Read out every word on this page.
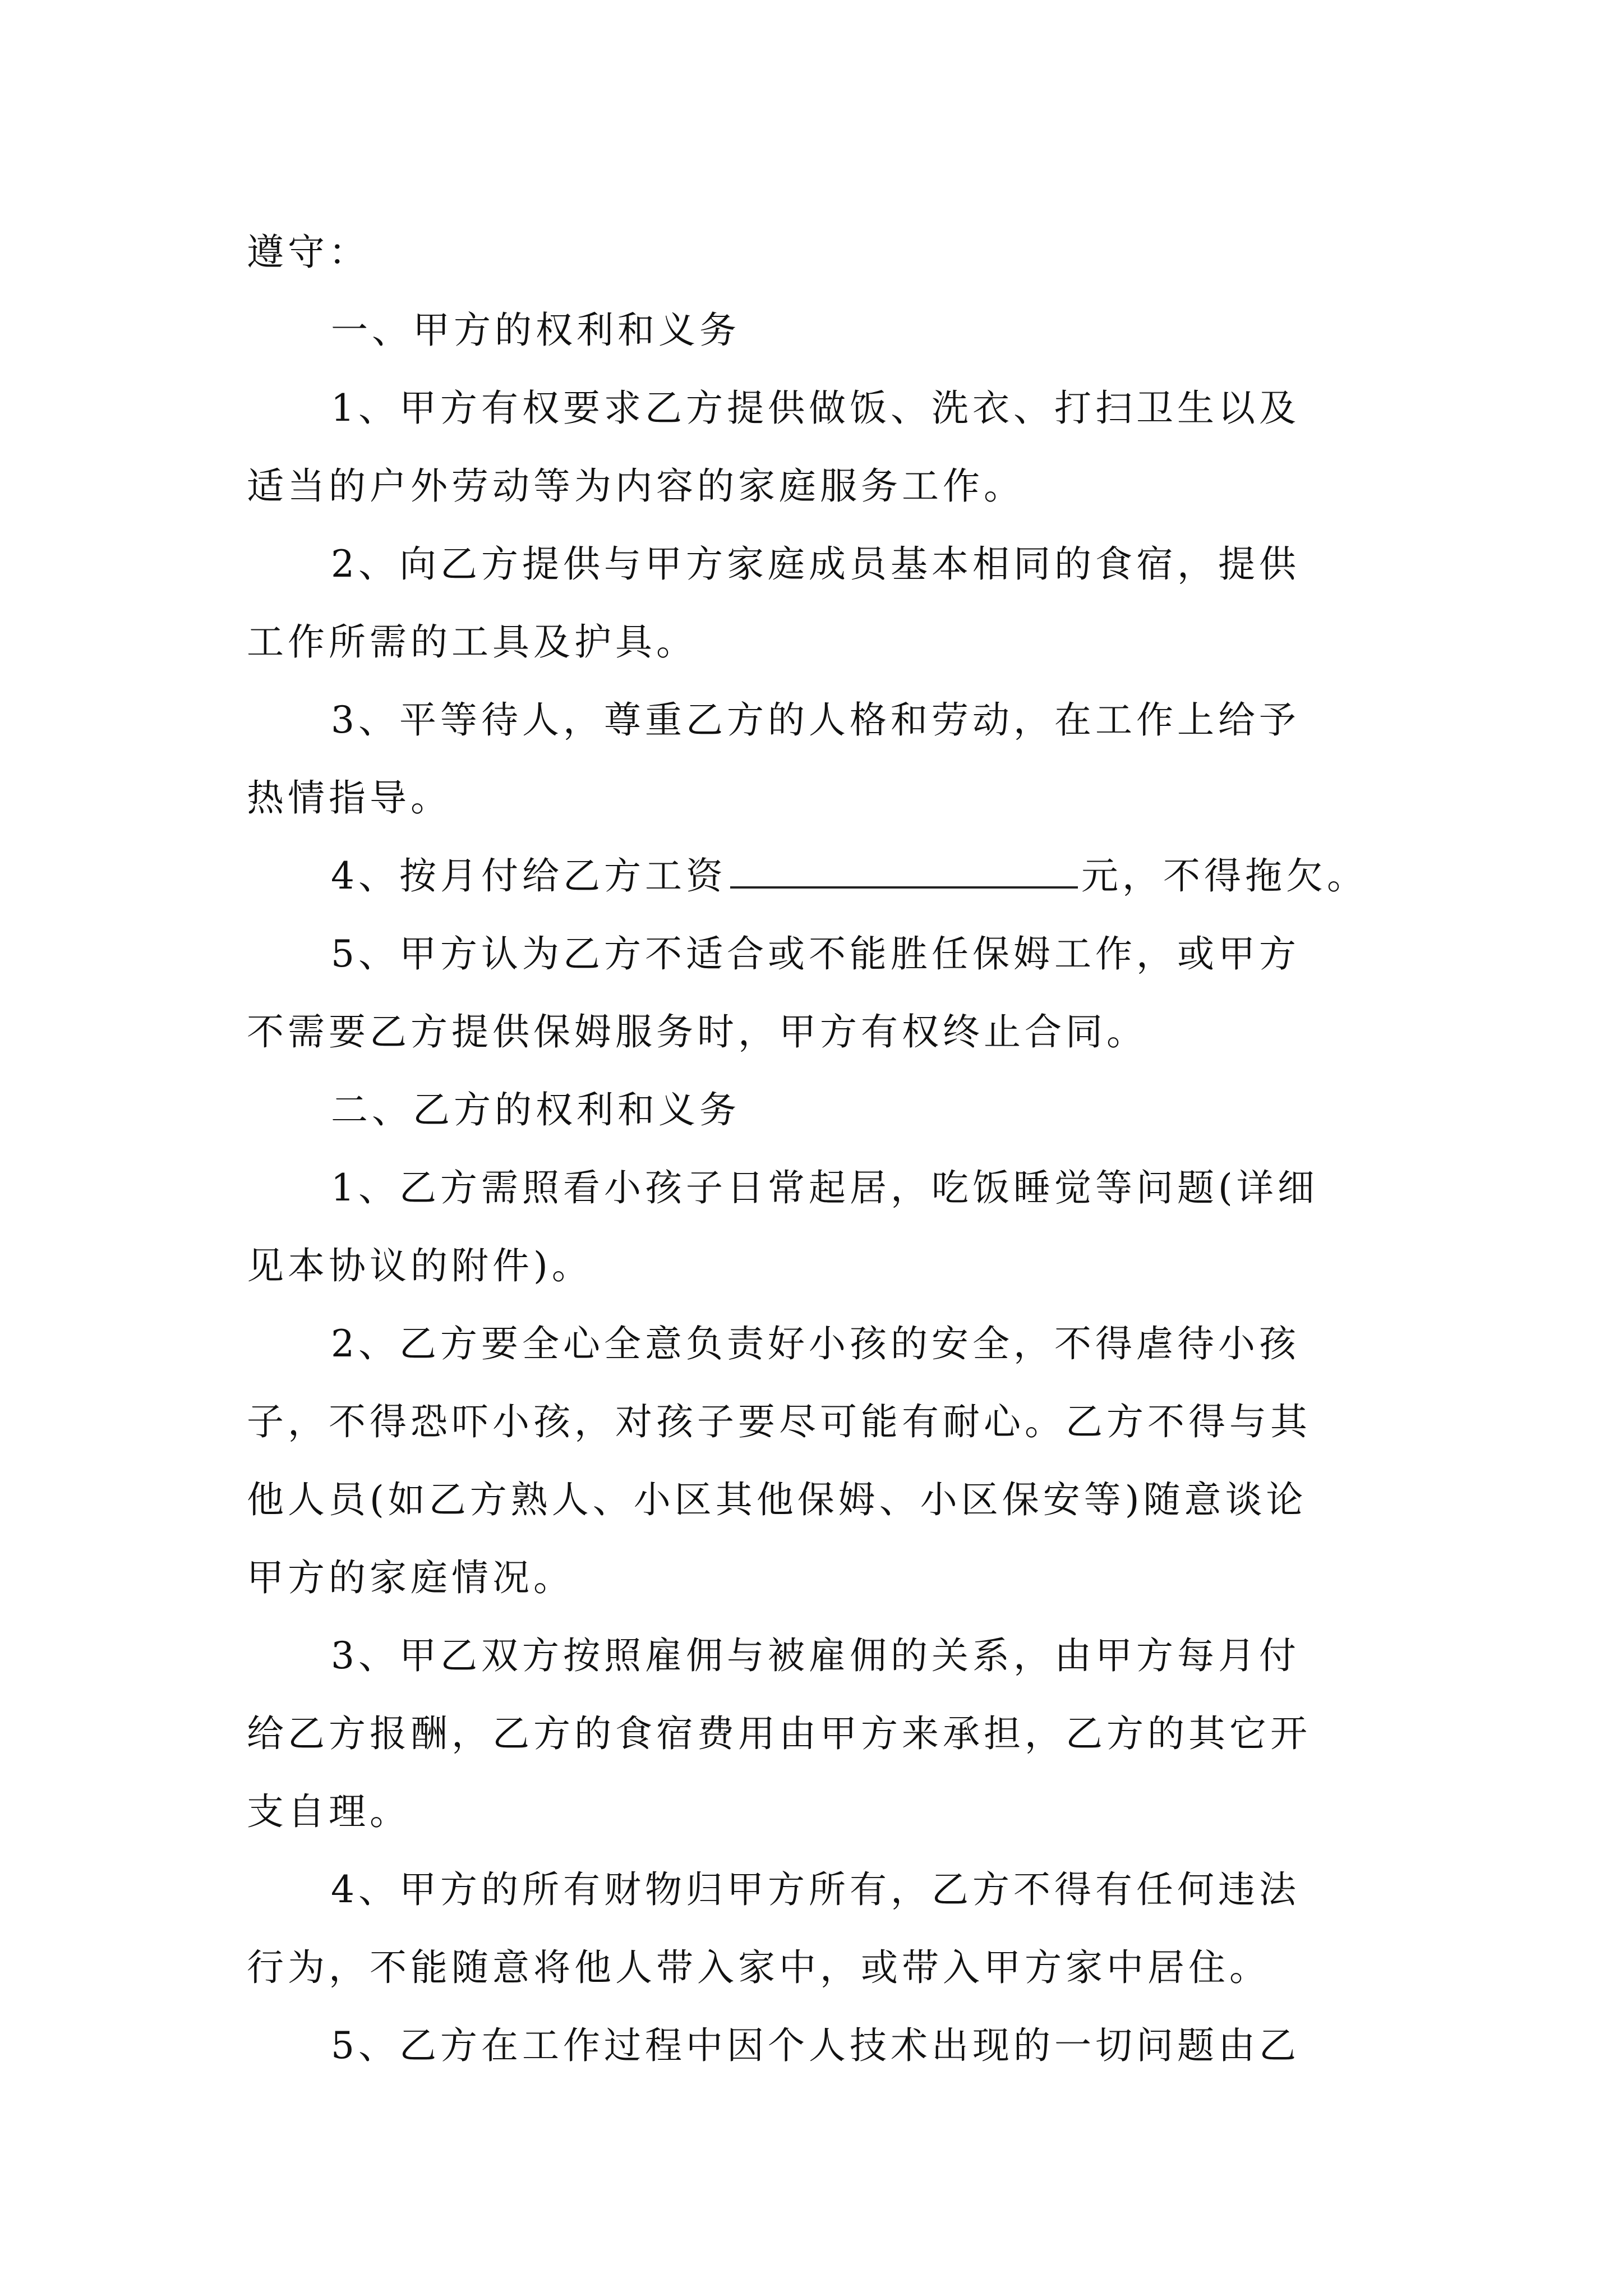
遵守：
一、甲方的权利和义务
1、甲方有权要求乙方提供做饭、洗衣、打扫卫生以及
适当的户外劳动等为内容的家庭服务工作。
2、向乙方提供与甲方家庭成员基本相同的食宿，提供
工作所需的工具及护具。
3、平等待人，尊重乙方的人格和劳动，在工作上给予
热情指导。
4、按月付给乙方工资	元，不得拖欠。
5、甲方认为乙方不适合或不能胜任保姆工作，或甲方
不需要乙方提供保姆服务时，甲方有权终止合同。
二、乙方的权利和义务
1、乙方需照看小孩子日常起居，吃饭睡觉等问题(详细
见本协议的附件)。
2、乙方要全心全意负责好小孩的安全，不得虐待小孩
子，不得恐吓小孩，对孩子要尽可能有耐心。乙方不得与其
他人员(如乙方熟人、小区其他保姆、小区保安等)随意谈论
甲方的家庭情况。
3、甲乙双方按照雇佣与被雇佣的关系，由甲方每月付
给乙方报酬，乙方的食宿费用由甲方来承担，乙方的其它开
支自理。
4、甲方的所有财物归甲方所有，乙方不得有任何违法
行为，不能随意将他人带入家中，或带入甲方家中居住。
5、乙方在工作过程中因个人技术出现的一切问题由乙
